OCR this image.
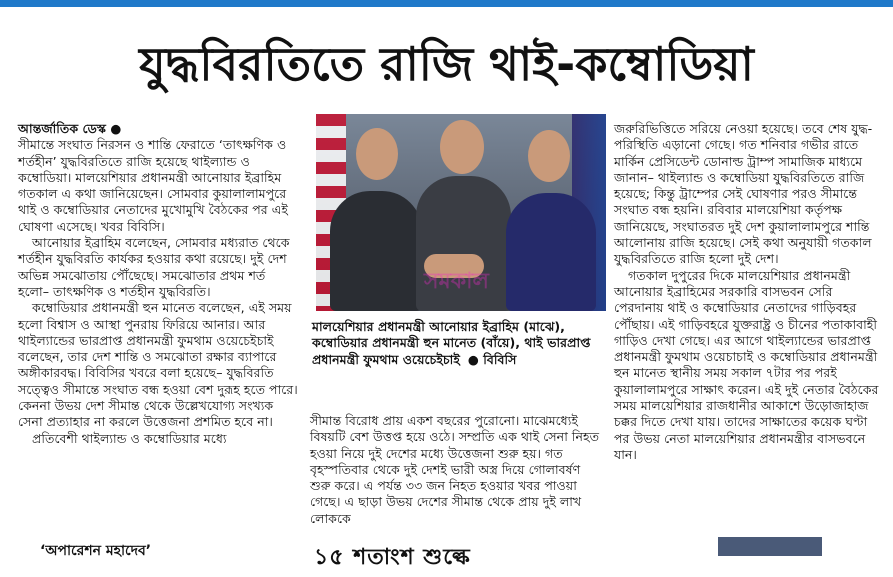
যুদ্ধবিরতিতে রাজি থাই-কম্বোডিয়া

আন্তর্জাতিক ডেস্ক ●

সীমান্তে সংঘাত নিরসন ও শান্তি ফেরাতে ‘তাৎক্ষণিক ও শর্তহীন’ যুদ্ধবিরতিতে রাজি হয়েছে থাইল্যান্ড ও কম্বোডিয়া। মালয়েশিয়ার প্রধানমন্ত্রী আনোয়ার ইব্রাহিম গতকাল এ কথা জানিয়েছেন। সোমবার কুয়ালালামপুরে থাই ও কম্বোডিয়ার নেতাদের মুখোমুখি বৈঠকের পর এই ঘোষণা এসেছে। খবর বিবিসি।

আনোয়ার ইব্রাহিম বলেছেন, সোমবার মধ্যরাত থেকে শর্তহীন যুদ্ধবিরতি কার্যকর হওয়ার কথা রয়েছে। দুই দেশ অভিন্ন সমঝোতায় পৌঁছেছে। সমঝোতার প্রথম শর্ত হলো– তাৎক্ষণিক ও শর্তহীন যুদ্ধবিরতি।

কম্বোডিয়ার প্রধানমন্ত্রী হুন মানেত বলেছেন, এই সময় হলো বিশ্বাস ও আস্থা পুনরায় ফিরিয়ে আনার। আর থাইল্যান্ডের ভারপ্রাপ্ত প্রধানমন্ত্রী ফুমথাম ওয়েচেইচাই বলেছেন, তার দেশ শান্তি ও সমঝোতা রক্ষার ব্যাপারে অঙ্গীকারবদ্ধ। বিবিসির খবরে বলা হয়েছে– যুদ্ধবিরতি সত্ত্বেও সীমান্তে সংঘাত বন্ধ হওয়া বেশ দুরূহ হতে পারে। কেননা উভয় দেশ সীমান্ত থেকে উল্লেখযোগ্য সংখ্যক সেনা প্রত্যাহার না করলে উত্তেজনা প্রশমিত হবে না।

প্রতিবেশী থাইল্যান্ড ও কম্বোডিয়ার মধ্যে

সমকাল
মালয়েশিয়ার প্রধানমন্ত্রী আনোয়ার ইব্রাহিম (মাঝে), কম্বোডিয়ার প্রধানমন্ত্রী হুন মানেত (বাঁয়ে), থাই ভারপ্রাপ্ত প্রধানমন্ত্রী ফুমথাম ওয়েচেইচাই ● বিবিসি

সীমান্ত বিরোধ প্রায় একশ বছরের পুরোনো। মাঝেমধ্যেই বিষয়টি বেশ উত্তপ্ত হয়ে ওঠে। সম্প্রতি এক থাই সেনা নিহত হওয়া নিয়ে দুই দেশের মধ্যে উত্তেজনা শুরু হয়। গত বৃহস্পতিবার থেকে দুই দেশই ভারী অস্ত্র দিয়ে গোলাবর্ষণ শুরু করে। এ পর্যন্ত ৩৩ জন নিহত হওয়ার খবর পাওয়া গেছে। এ ছাড়া উভয় দেশের সীমান্ত থেকে প্রায় দুই লাখ লোককে

জরুরিভিত্তিতে সরিয়ে নেওয়া হয়েছে। তবে শেষ যুদ্ধ-পরিস্থিতি এড়ানো গেছে। গত শনিবার গভীর রাতে মার্কিন প্রেসিডেন্ট ডোনাল্ড ট্রাম্প সামাজিক মাধ্যমে জানান– থাইল্যান্ড ও কম্বোডিয়া যুদ্ধবিরতিতে রাজি হয়েছে; কিন্তু ট্রাম্পের সেই ঘোষণার পরও সীমান্তে সংঘাত বন্ধ হয়নি। রবিবার মালয়েশিয়া কর্তৃপক্ষ জানিয়েছে, সংঘাতরত দুই দেশ কুয়ালালামপুরে শান্তি আলোনায় রাজি হয়েছে। সেই কথা অনুযায়ী গতকাল যুদ্ধবিরতিতে রাজি হলো দুই দেশ।

গতকাল দুপুরের দিকে মালয়েশিয়ার প্রধানমন্ত্রী আনোয়ার ইব্রাহিমের সরকারি বাসভবন সেরি পেরদানায় থাই ও কম্বোডিয়ার নেতাদের গাড়িবহর পৌঁছায়। এই গাড়িবহরে যুক্তরাষ্ট্র ও চীনের পতাকাবাহী গাড়িও দেখা গেছে। এর আগে থাইল্যান্ডের ভারপ্রাপ্ত প্রধানমন্ত্রী ফুমথাম ওয়েচাচাই ও কম্বোডিয়ার প্রধানমন্ত্রী হুন মানেত স্থানীয় সময় সকাল ৭টার পর পরই কুয়ালালামপুরে সাক্ষাৎ করেন। এই দুই নেতার বৈঠকের সময় মালয়েশিয়ার রাজধানীর আকাশে উড়োজাহাজ চক্কর দিতে দেখা যায়। তাদের সাক্ষাতের কয়েক ঘণ্টা পর উভয় নেতা মালয়েশিয়ার প্রধানমন্ত্রীর বাসভবনে যান।

‘অপারেশন মহাদেব’	১৫ শতাংশ শুল্কে
